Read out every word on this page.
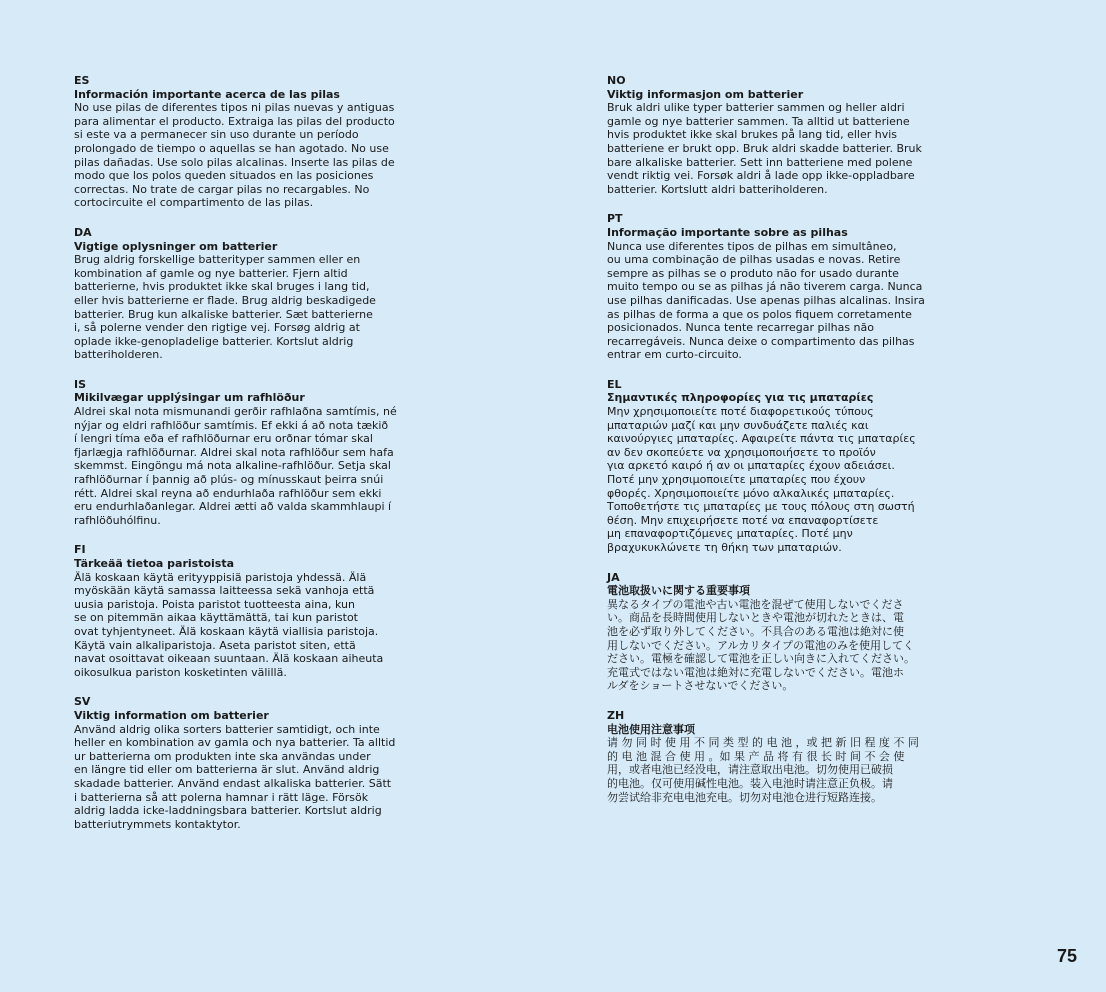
ES
Información importante acerca de las pilas
No use pilas de diferentes tipos ni pilas nuevas y antiguas
para alimentar el producto. Extraiga las pilas del producto
si este va a permanecer sin uso durante un período
prolongado de tiempo o aquellas se han agotado. No use
pilas dañadas. Use solo pilas alcalinas. Inserte las pilas de
modo que los polos queden situados en las posiciones
correctas. No trate de cargar pilas no recargables. No
cortocircuite el compartimento de las pilas.
DA
Vigtige oplysninger om batterier
Brug aldrig forskellige batterityper sammen eller en
kombination af gamle og nye batterier. Fjern altid
batterierne, hvis produktet ikke skal bruges i lang tid,
eller hvis batterierne er flade. Brug aldrig beskadigede
batterier. Brug kun alkaliske batterier. Sæt batterierne
i, så polerne vender den rigtige vej. Forsøg aldrig at
oplade ikke-genopladelige batterier. Kortslut aldrig
batteriholderen.
IS
Mikilvægar upplýsingar um rafhlöður
Aldrei skal nota mismunandi gerðir rafhlaðna samtímis, né
nýjar og eldri rafhlöður samtímis. Ef ekki á að nota tækið
í lengri tíma eða ef rafhlöðurnar eru orðnar tómar skal
fjarlægja rafhlöðurnar. Aldrei skal nota rafhlöður sem hafa
skemmst. Eingöngu má nota alkaline-rafhlöður. Setja skal
rafhlöðurnar í þannig að plús- og mínusskaut þeirra snúi
rétt. Aldrei skal reyna að endurhlaða rafhlöður sem ekki
eru endurhlaðanlegar. Aldrei ætti að valda skammhlaupi í
rafhlöðuhólfinu.
FI
Tärkeää tietoa paristoista
Älä koskaan käytä erityyppisiä paristoja yhdessä. Älä
myöskään käytä samassa laitteessa sekä vanhoja että
uusia paristoja. Poista paristot tuotteesta aina, kun
se on pitemmän aikaa käyttämättä, tai kun paristot
ovat tyhjentyneet. Älä koskaan käytä viallisia paristoja.
Käytä vain alkaliparistoja. Aseta paristot siten, että
navat osoittavat oikeaan suuntaan. Älä koskaan aiheuta
oikosulkua pariston kosketinten välillä.
SV
Viktig information om batterier
Använd aldrig olika sorters batterier samtidigt, och inte
heller en kombination av gamla och nya batterier. Ta alltid
ur batterierna om produkten inte ska användas under
en längre tid eller om batterierna är slut. Använd aldrig
skadade batterier. Använd endast alkaliska batterier. Sätt
i batterierna så att polerna hamnar i rätt läge. Försök
aldrig ladda icke-laddningsbara batterier. Kortslut aldrig
batteriutrymmets kontaktytor.
NO
Viktig informasjon om batterier
Bruk aldri ulike typer batterier sammen og heller aldri
gamle og nye batterier sammen. Ta alltid ut batteriene
hvis produktet ikke skal brukes på lang tid, eller hvis
batteriene er brukt opp. Bruk aldri skadde batterier. Bruk
bare alkaliske batterier. Sett inn batteriene med polene
vendt riktig vei. Forsøk aldri å lade opp ikke-oppladbare
batterier. Kortslutt aldri batteriholderen.
PT
Informação importante sobre as pilhas
Nunca use diferentes tipos de pilhas em simultâneo,
ou uma combinação de pilhas usadas e novas. Retire
sempre as pilhas se o produto não for usado durante
muito tempo ou se as pilhas já não tiverem carga. Nunca
use pilhas danificadas. Use apenas pilhas alcalinas. Insira
as pilhas de forma a que os polos fiquem corretamente
posicionados. Nunca tente recarregar pilhas não
recarregáveis. Nunca deixe o compartimento das pilhas
entrar em curto-circuito.
EL
Σημαντικές πληροφορίες για τις μπαταρίες
Μην χρησιμοποιείτε ποτέ διαφορετικούς τύπους
μπαταριών μαζί και μην συνδυάζετε παλιές και
καινούργιες μπαταρίες. Αφαιρείτε πάντα τις μπαταρίες
αν δεν σκοπεύετε να χρησιμοποιήσετε το προϊόν
για αρκετό καιρό ή αν οι μπαταρίες έχουν αδειάσει.
Ποτέ μην χρησιμοποιείτε μπαταρίες που έχουν
φθορές. Χρησιμοποιείτε μόνο αλκαλικές μπαταρίες.
Τοποθετήστε τις μπαταρίες με τους πόλους στη σωστή
θέση. Μην επιχειρήσετε ποτέ να επαναφορτίσετε
μη επαναφορτιζόμενες μπαταρίες. Ποτέ μην
βραχυκυκλώνετε τη θήκη των μπαταριών.
JA
電池取扱いに関する重要事項
異なるタイプの電池や古い電池を混ぜて使用しないでくださ
い。商品を長時間使用しないときや電池が切れたときは、電
池を必ず取り外してください。不具合のある電池は絶対に使
用しないでください。アルカリタイプの電池のみを使用してく
ださい。電極を確認して電池を正しい向きに入れてください。
充電式ではない電池は絶対に充電しないでください。電池ホ
ルダをショートさせないでください。
ZH
电池使用注意事项
请 勿 同 时 使 用 不 同 类 型 的 电 池 ，或 把 新 旧 程 度 不 同
的 电 池 混 合 使 用 。如 果 产 品 将 有 很 长 时 间 不 会 使
用，或者电池已经没电，请注意取出电池。切勿使用已破损
的电池。仅可使用碱性电池。装入电池时请注意正负极。请
勿尝试给非充电电池充电。切勿对电池仓进行短路连接。
75
